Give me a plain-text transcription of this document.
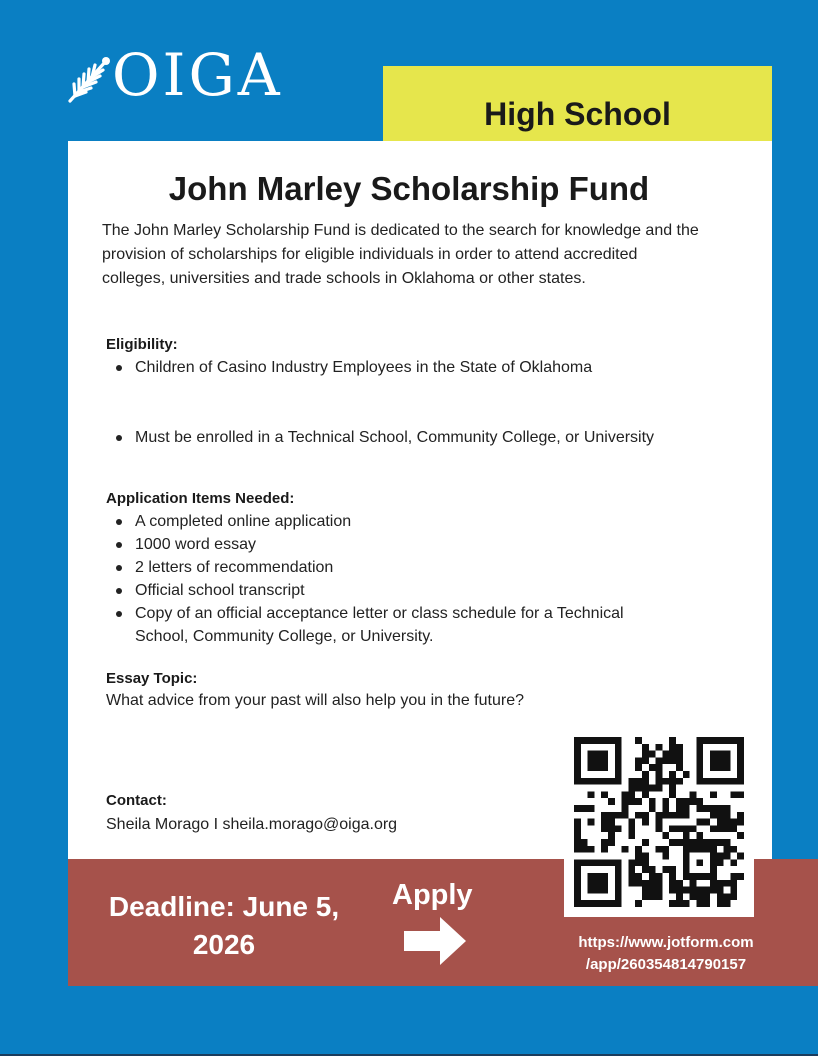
OIGA
High School
John Marley Scholarship Fund

The John Marley Scholarship Fund is dedicated to the search for knowledge and the provision of scholarships for eligible individuals in order to attend accredited colleges, universities and trade schools in Oklahoma or other states.

Eligibility:
Children of Casino Industry Employees in the State of Oklahoma
Must be enrolled in a Technical School, Community College, or University
Application Items Needed:
A completed online application
1000 word essay
2 letters of recommendation
Official school transcript
Copy of an official acceptance letter or class schedule for a Technical School, Community College, or University.
Essay Topic:
What advice from your past will also help you in the future?
Contact:
Sheila Morago I sheila.morago@oiga.org
Deadline: June 5, 2026
Apply
https://www.jotform.com
/app/260354814790157
